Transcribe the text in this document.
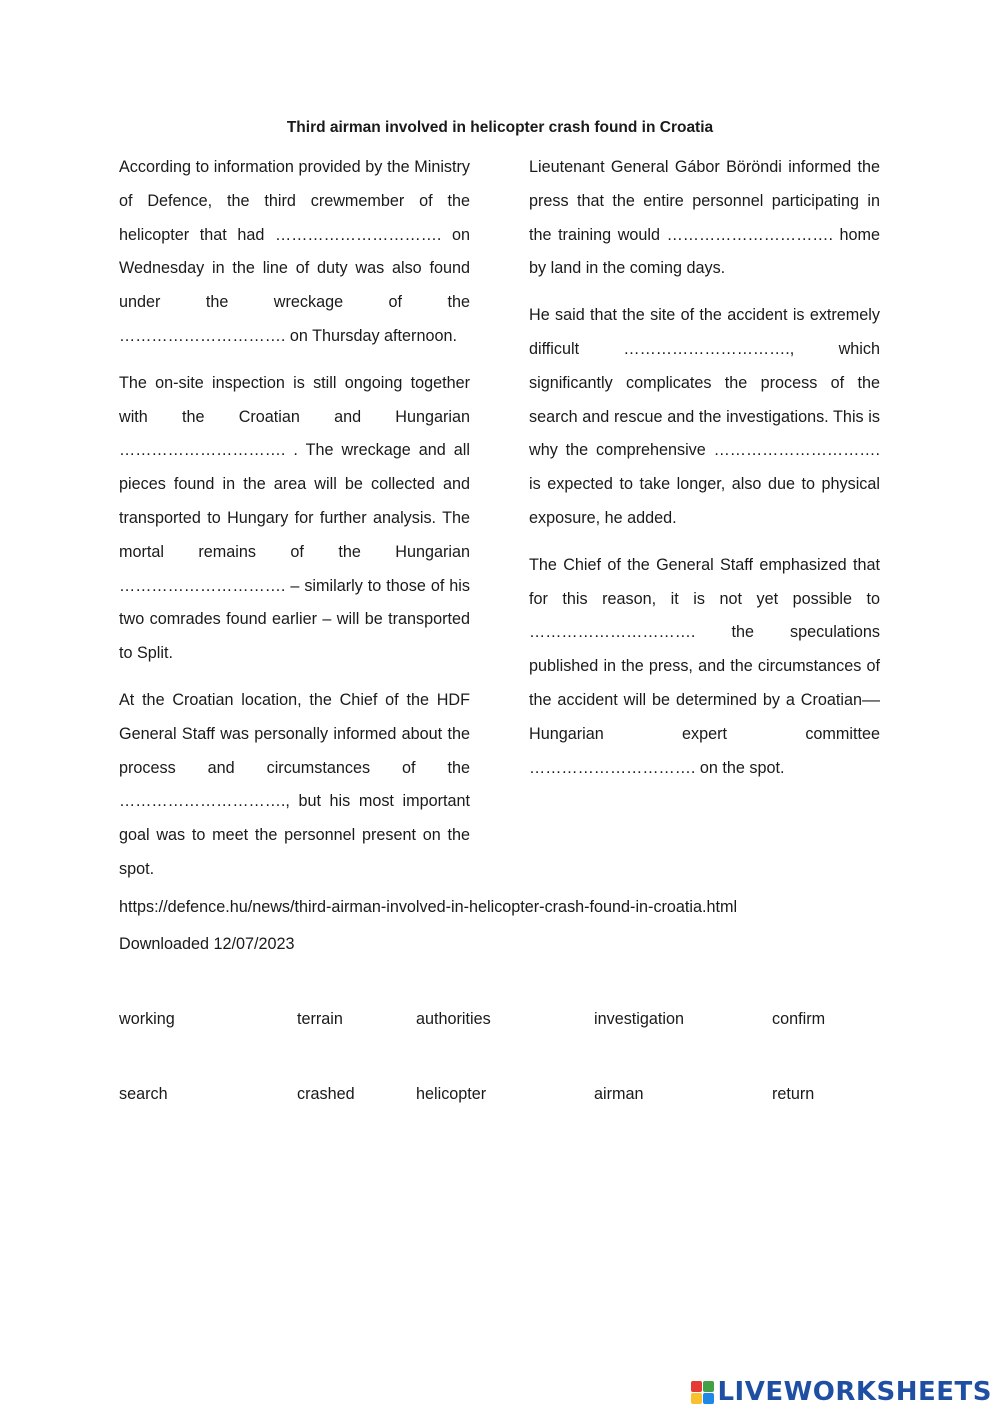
Third airman involved in helicopter crash found in Croatia

According to information provided by the Ministry of Defence, the third crewmember of the helicopter that had …………………………. on Wednesday in the line of duty was also found under the wreckage of the …………………………. on Thursday afternoon.

The on-site inspection is still ongoing together with the Croatian and Hungarian …………………………. . The wreckage and all pieces found in the area will be collected and transported to Hungary for further analysis. The mortal remains of the Hungarian …………………………. – similarly to those of his two comrades found earlier – will be transported to Split.

At the Croatian location, the Chief of the HDF General Staff was personally informed about the process and circumstances of the …………………………., but his most important goal was to meet the personnel present on the spot.

Lieutenant General Gábor Böröndi informed the press that the entire personnel participating in the training would …………………………. home by land in the coming days.

He said that the site of the accident is extremely difficult …………………………., which significantly complicates the process of the search and rescue and the investigations. This is why the comprehensive …………………………. is expected to take longer, also due to physical exposure, he added.

The Chief of the General Staff emphasized that for this reason, it is not yet possible to …………………………. the speculations published in the press, and the circumstances of the accident will be determined by a Croatian––Hungarian expert committee …………………………. on the spot.

https://defence.hu/news/third-airman-involved-in-helicopter-crash-found-in-croatia.html
Downloaded 12/07/2023
working	terrain	authorities	investigation	confirm
search	crashed	helicopter	airman	return
LIVEWORKSHEETS
